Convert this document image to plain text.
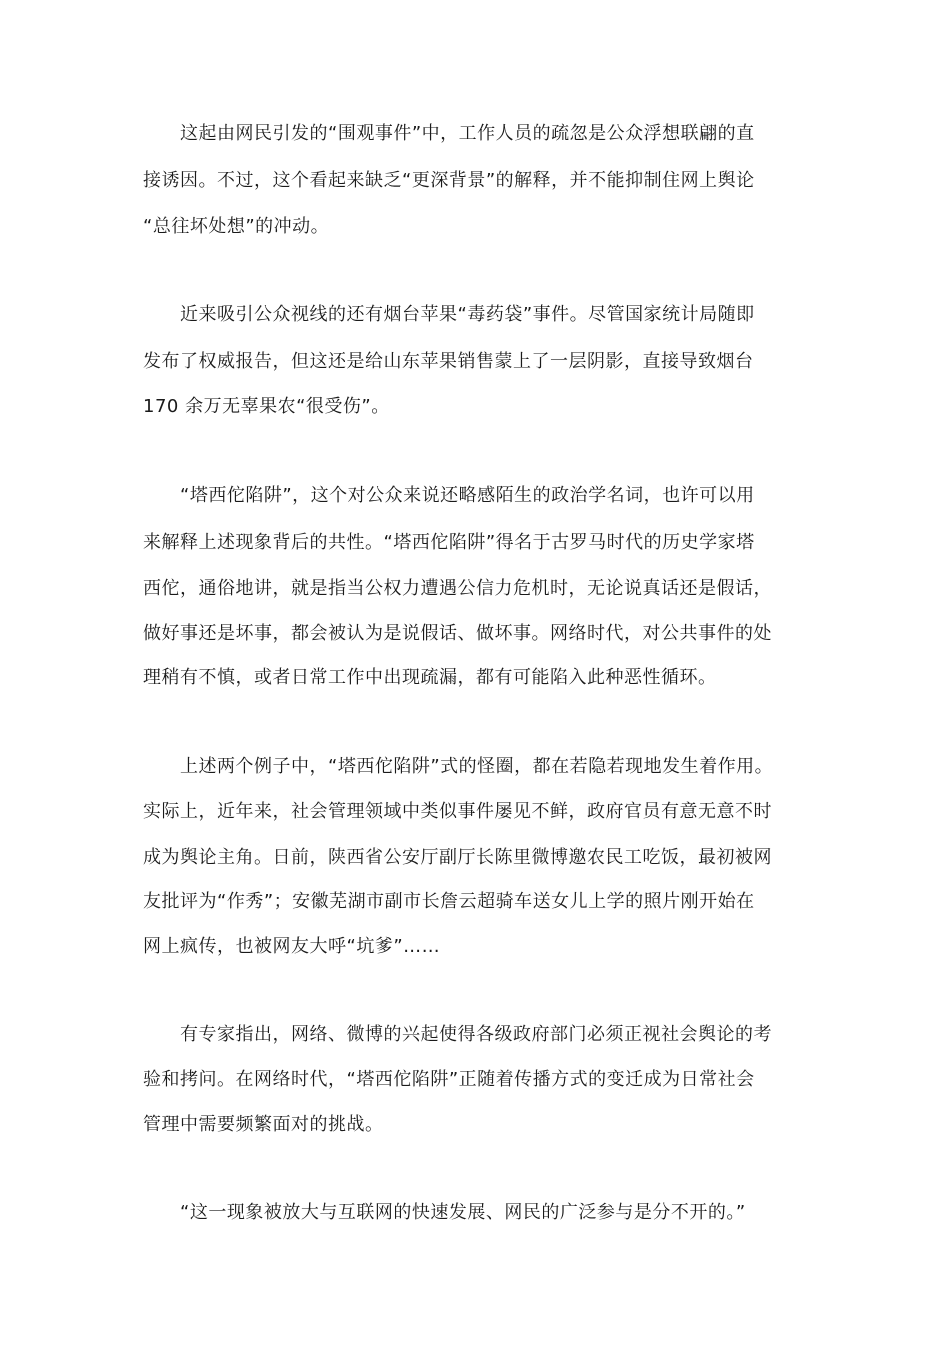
这起由网民引发的“围观事件”中，工作人员的疏忽是公众浮想联翩的直
接诱因。不过，这个看起来缺乏“更深背景”的解释，并不能抑制住网上舆论
“总往坏处想”的冲动。
近来吸引公众视线的还有烟台苹果“毒药袋”事件。尽管国家统计局随即
发布了权威报告，但这还是给山东苹果销售蒙上了一层阴影，直接导致烟台
170 余万无辜果农“很受伤”。
“塔西佗陷阱”，这个对公众来说还略感陌生的政治学名词，也许可以用
来解释上述现象背后的共性。“塔西佗陷阱”得名于古罗马时代的历史学家塔
西佗，通俗地讲，就是指当公权力遭遇公信力危机时，无论说真话还是假话，
做好事还是坏事，都会被认为是说假话、做坏事。网络时代，对公共事件的处
理稍有不慎，或者日常工作中出现疏漏，都有可能陷入此种恶性循环。
上述两个例子中，“塔西佗陷阱”式的怪圈，都在若隐若现地发生着作用。
实际上，近年来，社会管理领域中类似事件屡见不鲜，政府官员有意无意不时
成为舆论主角。日前，陕西省公安厅副厅长陈里微博邀农民工吃饭，最初被网
友批评为“作秀”；安徽芜湖市副市长詹云超骑车送女儿上学的照片刚开始在
网上疯传，也被网友大呼“坑爹”……
有专家指出，网络、微博的兴起使得各级政府部门必须正视社会舆论的考
验和拷问。在网络时代，“塔西佗陷阱”正随着传播方式的变迁成为日常社会
管理中需要频繁面对的挑战。
“这一现象被放大与互联网的快速发展、网民的广泛参与是分不开的。”
